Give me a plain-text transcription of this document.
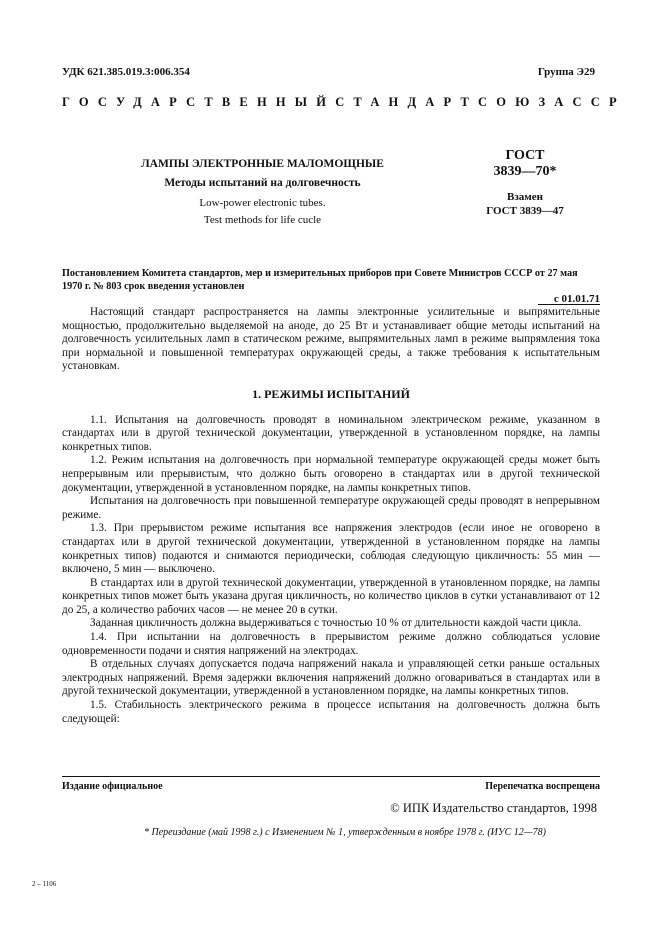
УДК 621.385.019.3:006.354	Группа Э29
ГОСУДАРСТВЕННЫЙ СТАНДАРТ СОЮЗА ССР
ЛАМПЫ ЭЛЕКТРОННЫЕ МАЛОМОЩНЫЕ
Методы испытаний на долговечность
Low-power electronic tubes.
Test methods for life cucle
ГОСТ
3839—70*
Взамен
ГОСТ 3839—47
Постановлением Комитета стандартов, мер и измерительных приборов при Совете Министров СССР от 27 мая 1970 г. № 803 срок введения установлен
с 01.01.71

Настоящий стандарт распространяется на лампы электронные усилительные и выпрямительные мощностью, продолжительно выделяемой на аноде, до 25 Вт и устанавливает общие методы испытаний на долговечность усилительных ламп в статическом режиме, выпрямительных ламп в режиме выпрямления тока при нормальной и повышенной температурах окружающей среды, а также требования к испытательным установкам.

1. РЕЖИМЫ ИСПЫТАНИЙ

1.1. Испытания на долговечность проводят в номинальном электрическом режиме, указанном в стандартах или в другой технической документации, утвержденной в установленном порядке, на лампы конкретных типов.

1.2. Режим испытания на долговечность при нормальной температуре окружающей среды может быть непрерывным или прерывистым, что должно быть оговорено в стандартах или в другой технической документации, утвержденной в установленном порядке, на лампы конкретных типов.

Испытания на долговечность при повышенной температуре окружающей среды проводят в непрерывном режиме.

1.3. При прерывистом режиме испытания все напряжения электродов (если иное не оговорено в стандартах или в другой технической документации, утвержденной в установленном порядке на лампы конкретных типов) подаются и снимаются периодически, соблюдая следующую цикличность: 55 мин — включено, 5 мин — выключено.

В стандартах или в другой технической документации, утвержденной в утановленном порядке, на лампы конкретных типов может быть указана другая цикличность, но количество циклов в сутки устанавливают от 12 до 25, а количество рабочих часов — не менее 20 в сутки.

Заданная цикличность должна выдерживаться с точностью 10 % от длительности каждой части цикла.

1.4. При испытании на долговечность в прерывистом режиме должно соблюдаться условие одновременности подачи и снятия напряжений на электродах.

В отдельных случаях допускается подача напряжений накала и управляющей сетки раньше остальных электродных напряжений. Время задержки включения напряжений должно оговариваться в стандартах или в другой технической документации, утвержденной в установленном порядке, на лампы конкретных типов.

1.5. Стабильность электрического режима в процессе испытания на долговечность должна быть следующей:

Издание официальное	Перепечатка воспрещена
© ИПК Издательство стандартов, 1998
* Переиздание (май 1998 г.) с Изменением № 1, утвержденным в ноябре 1978 г. (ИУС 12—78)
2 – 1106
